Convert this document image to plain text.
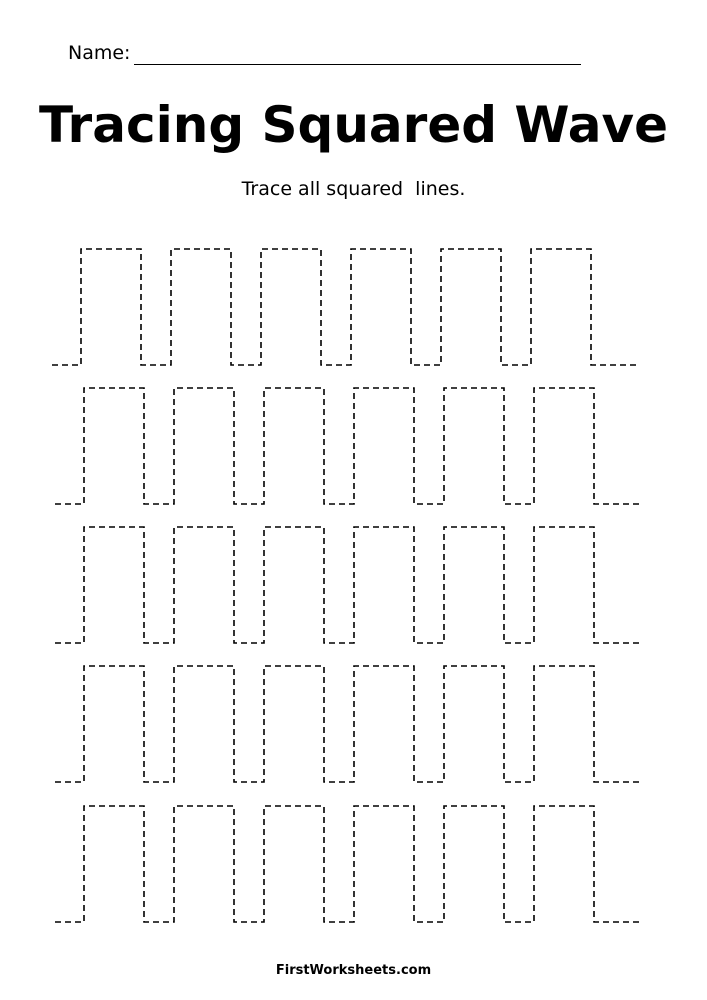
Name:
Tracing Squared Wave
Trace all squared  lines.
FirstWorksheets.com
